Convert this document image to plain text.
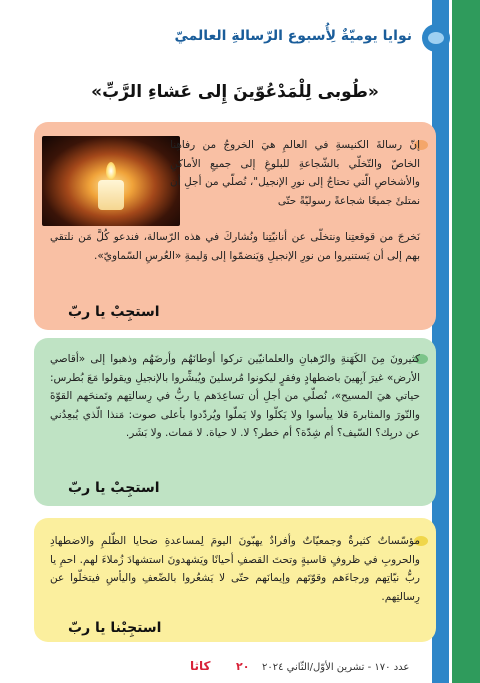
نوايا يوميّةٌ لِأُسبوع الرّسالةِ العالميّ
«طُوبى لِلْمَدْعُوّينَ إِلى عَشاءِ الرَّبِّ»
إنّ رسالةَ الكنيسةِ في العالمِ هيَ الخروجُ من رفاهِنا الخاصّ والتّخلّي بالشّجاعةِ للبلوغِ إلى جميعِ الأماكنِ والأشخاصِ الّتي تحتاجُ إلى نورِ الإنجيل"، نُصلّي من أجلِ أن نمتلئَ جميعًا شجاعةً رسوليّةً حتّى
نَخرجَ من قوقعتِنا ونتخلّى عن أنانيّتِنا ونُشاركَ في هذه الرّسالة، فندعو كُلَّ مَن نلتقي بهم إلى أن يَستنيروا من نورِ الإنجيلِ وَيَنضمّوا إلى وَليمةِ «العُرسِ السّماويّ».
استجِبْ يا ربّ
كثيرونَ مِنَ الكَهَنةِ والرّهبانِ والعلمانيّين تركوا أوطانَهُم وأرضَهُم وذهبوا إلى «أقاصي الأرض» غيرَ آبِهينَ باضطهادٍ وفقرٍ ليكونوا مُرسلينَ ويُبشِّروا بالإنجيلِ ويقولوا مَعَ بُطرس: حياتي هيَ المسيح»، نُصلّي من أجلِ أن تساعِدَهم يا ربُّ في رِسالتِهم وتَمنحَهم القوّةَ والنّورَ والمثابرةَ فلا ييأسوا ولا يَكلّوا ولا يَملّوا ويُردّدوا بأعلى صوت: مَنذا الّذي يُبعِدُني عن دربِك؟ السّيف؟ أم شِدّة؟ أم خطر؟ لا. لا حياة. لا مَمات. ولا بَشَر.
استجِبْ يا ربّ
مؤسّساتٌ كثيرةٌ وجمعيّاتٌ وأفرادٌ يهبّونَ اليومَ لِمساعدةِ ضحايا الظّلمِ والاضطهادِ والحروبِ في ظروفٍ قاسيةٍ وتحتَ القصفِ أحيانًا ويَشهدونَ استشهادَ زُملاءَ لهم. احمِ يا ربُّ نيّاتِهم ورجاءَهم وقوّتَهم وإيمانَهم حتّى لا يَشعُروا بالضّعفِ واليأسِ فيتخلّوا عن رِسالتِهم.
استجِبْنا يا ربّ
كاثا ٢٠ عدد ١٧٠ - تشرين الأوّل/الثّاني ٢٠٢٤
